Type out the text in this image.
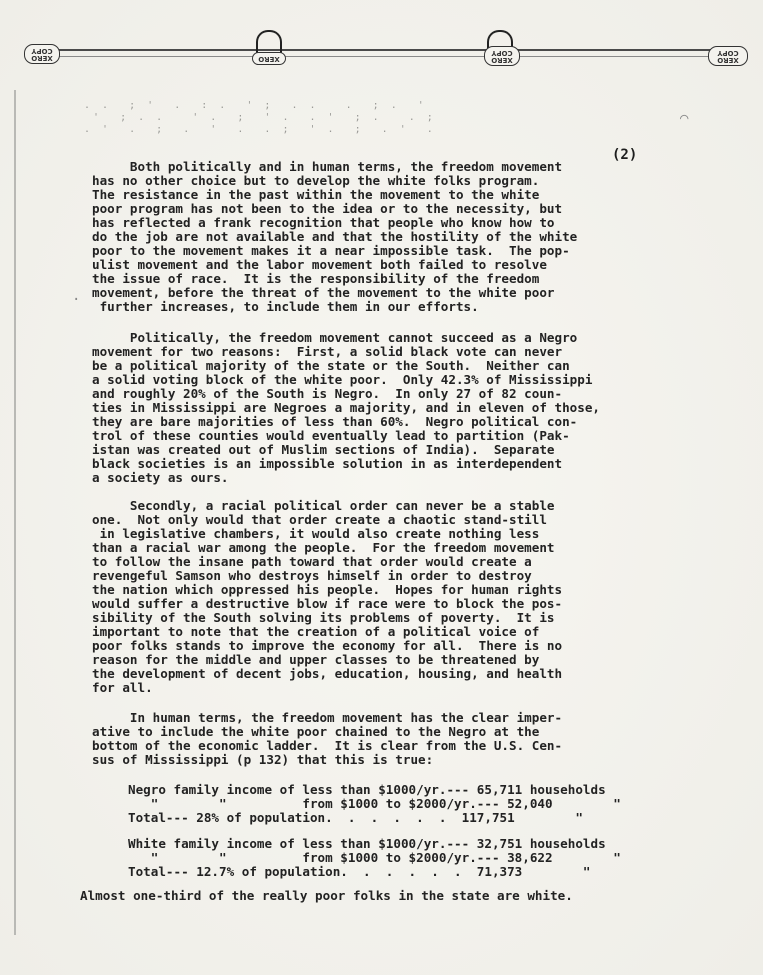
XERO COPY
XERO	XERO COPY
XERO COPY
. .  ; '  .  : .  ' ;  . .   .  ; .  '
'  ; . .   ' .  ;  ' .  . '  ; .   . ;
. '  .  ;  .  '  .  . ;  ' .  ;  . '  .
⌒
·
(2)
Both politically and in human terms, the freedom movement
has no other choice but to develop the white folks program.
The resistance in the past within the movement to the white
poor program has not been to the idea or to the necessity, but
has reflected a frank recognition that people who know how to
do the job are not available and that the hostility of the white
poor to the movement makes it a near impossible task.  The pop-
ulist movement and the labor movement both failed to resolve
the issue of race.  It is the responsibility of the freedom
movement, before the threat of the movement to the white poor
further increases, to include them in our efforts.
Politically, the freedom movement cannot succeed as a Negro
movement for two reasons:  First, a solid black vote can never
be a political majority of the state or the South.  Neither can
a solid voting block of the white poor.  Only 42.3% of Mississippi
and roughly 20% of the South is Negro.  In only 27 of 82 coun-
ties in Mississippi are Negroes a majority, and in eleven of those,
they are bare majorities of less than 60%.  Negro political con-
trol of these counties would eventually lead to partition (Pak-
istan was created out of Muslim sections of India).  Separate
black societies is an impossible solution in as interdependent
a society as ours.
Secondly, a racial political order can never be a stable
one.  Not only would that order create a chaotic stand-still
in legislative chambers, it would also create nothing less
than a racial war among the people.  For the freedom movement
to follow the insane path toward that order would create a
revengeful Samson who destroys himself in order to destroy
the nation which oppressed his people.  Hopes for human rights
would suffer a destructive blow if race were to block the pos-
sibility of the South solving its problems of poverty.  It is
important to note that the creation of a political voice of
poor folks stands to improve the economy for all.  There is no
reason for the middle and upper classes to be threatened by
the development of decent jobs, education, housing, and health
for all.
In human terms, the freedom movement has the clear imper-
ative to include the white poor chained to the Negro at the
bottom of the economic ladder.  It is clear from the U.S. Cen-
sus of Mississippi (p 132) that this is true:
Negro family income of less than $1000/yr.--- 65,711 households
"        "          from $1000 to $2000/yr.--- 52,040        "
Total--- 28% of population.  .  .  .  .  .  117,751        "
White family income of less than $1000/yr.--- 32,751 households
"        "          from $1000 to $2000/yr.--- 38,622        "
Total--- 12.7% of population.  .  .  .  .  .  71,373        "
Almost one-third of the really poor folks in the state are white.
